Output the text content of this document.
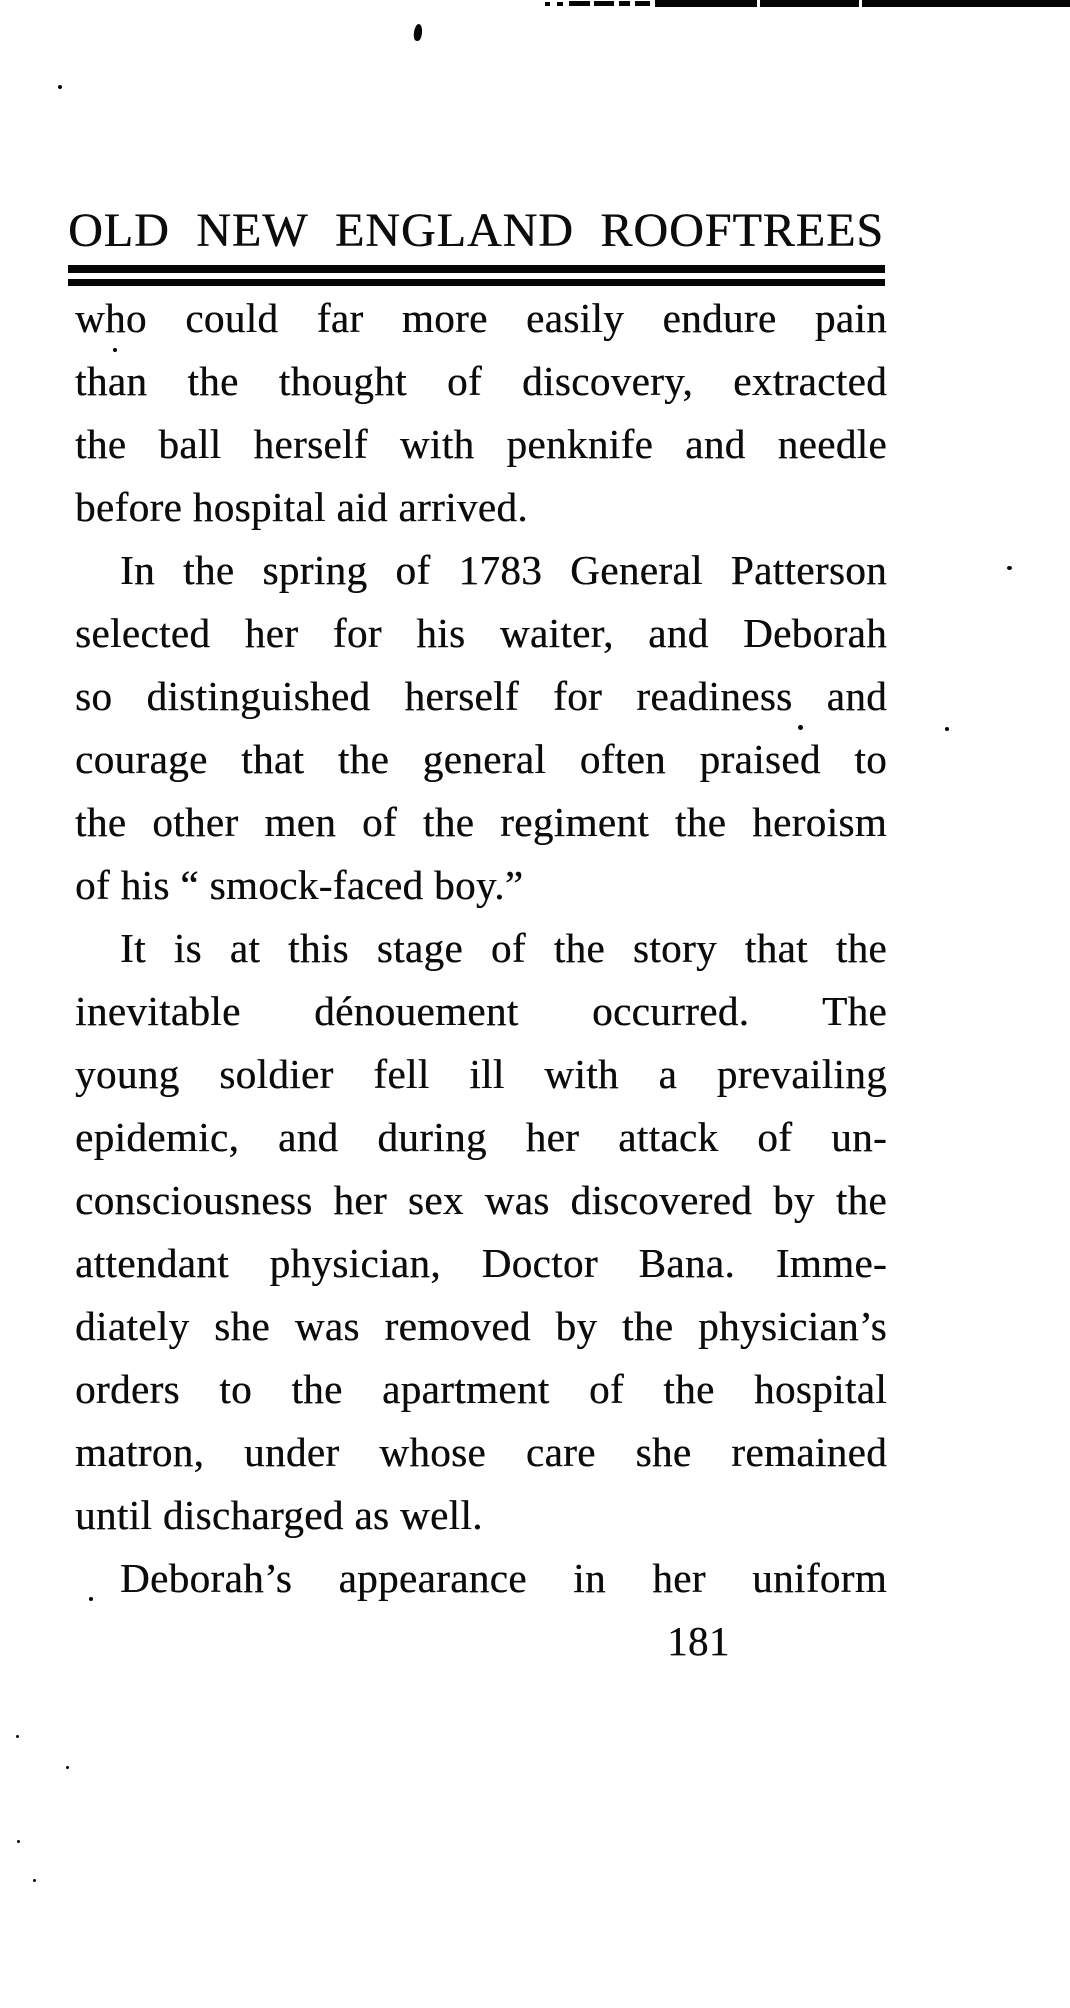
OLD NEW ENGLAND ROOFTREES
who could far more easily endure pain
than the thought of discovery, extracted
the ball herself with penknife and needle
before hospital aid arrived.
In the spring of 1783 General Patterson
selected her for his waiter, and Deborah
so distinguished herself for readiness and
courage that the general often praised to
the other men of the regiment the heroism
of his “ smock-faced boy.”
It is at this stage of the story that the
inevitable dénouement occurred. The
young soldier fell ill with a prevailing
epidemic, and during her attack of un-
consciousness her sex was discovered by the
attendant physician, Doctor Bana. Imme-
diately she was removed by the physician’s
orders to the apartment of the hospital
matron, under whose care she remained
until discharged as well.
Deborah’s appearance in her uniform
181
